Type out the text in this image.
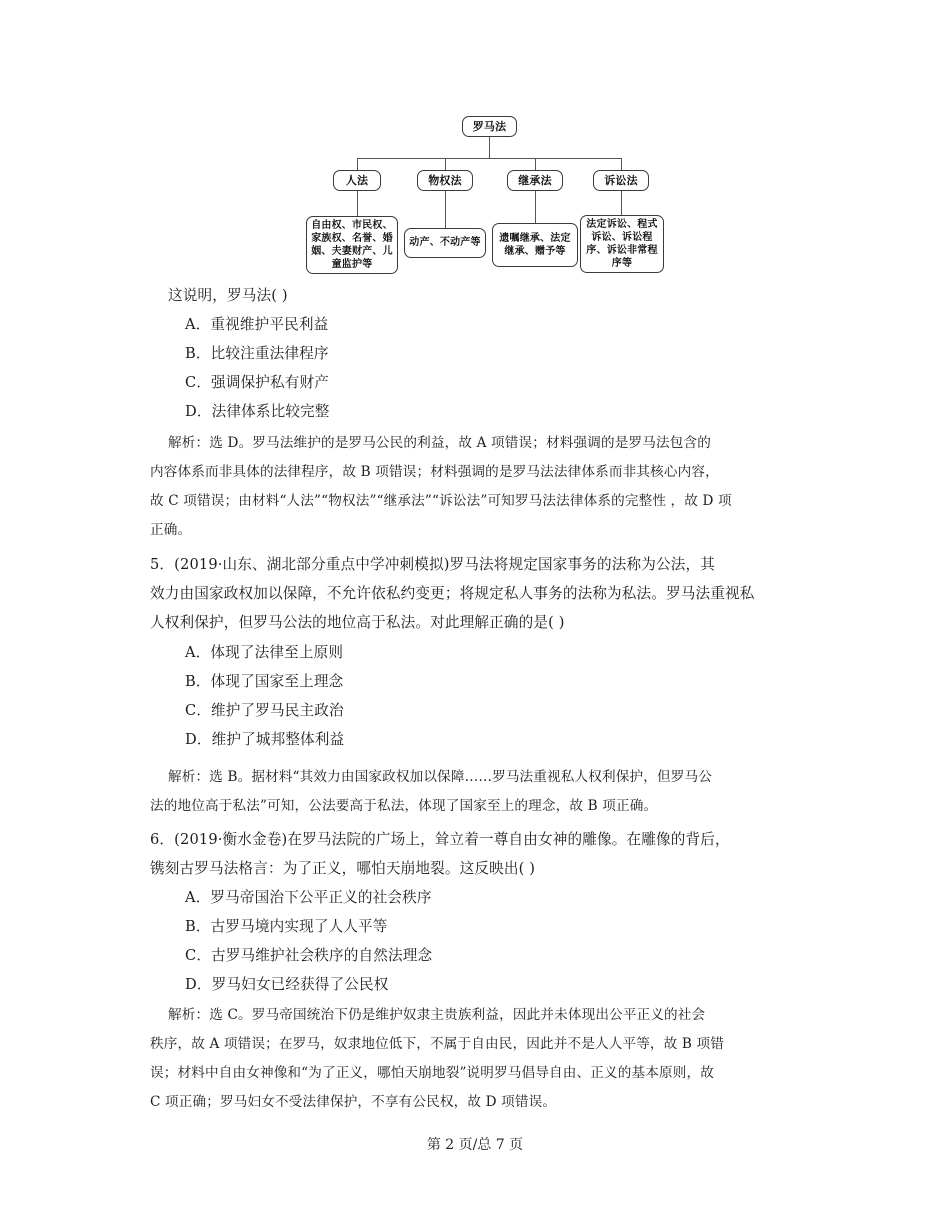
罗马法
人法	物权法	继承法	诉讼法
自由权、市民权、家族权、名誉、婚姻、夫妻财产、儿童监护等
动产、不动产等	遗嘱继承、法定继承、赠予等
法定诉讼、程式诉讼、诉讼程序、诉讼非常程序等
这说明，罗马法( )
A．重视维护平民利益
B．比较注重法律程序
C．强调保护私有财产
D．法律体系比较完整
解析：选 D。罗马法维护的是罗马公民的利益，故 A 项错误；材料强调的是罗马法包含的
内容体系而非具体的法律程序，故 B 项错误；材料强调的是罗马法法律体系而非其核心内容，
故 C 项错误；由材料“人法”“物权法”“继承法”“诉讼法”可知罗马法法律体系的完整性 ，故 D 项
正确。
5．(2019·山东、湖北部分重点中学冲刺模拟)罗马法将规定国家事务的法称为公法，其
效力由国家政权加以保障，不允许依私约变更；将规定私人事务的法称为私法。罗马法重视私
人权利保护，但罗马公法的地位高于私法。对此理解正确的是( )
A．体现了法律至上原则
B．体现了国家至上理念
C．维护了罗马民主政治
D．维护了城邦整体利益
解析：选 B。据材料“其效力由国家政权加以保障……罗马法重视私人权利保护，但罗马公
法的地位高于私法”可知，公法要高于私法，体现了国家至上的理念，故 B 项正确。
6．(2019·衡水金卷)在罗马法院的广场上，耸立着一尊自由女神的雕像。在雕像的背后，
镌刻古罗马法格言：为了正义，哪怕天崩地裂。这反映出( )
A．罗马帝国治下公平正义的社会秩序
B．古罗马境内实现了人人平等
C．古罗马维护社会秩序的自然法理念
D．罗马妇女已经获得了公民权
解析：选 C。罗马帝国统治下仍是维护奴隶主贵族利益，因此并未体现出公平正义的社会
秩序，故 A 项错误；在罗马，奴隶地位低下，不属于自由民，因此并不是人人平等，故 B 项错
误；材料中自由女神像和“为了正义，哪怕天崩地裂”说明罗马倡导自由、正义的基本原则，故
C 项正确；罗马妇女不受法律保护，不享有公民权，故 D 项错误。
第 2 页/总 7 页
